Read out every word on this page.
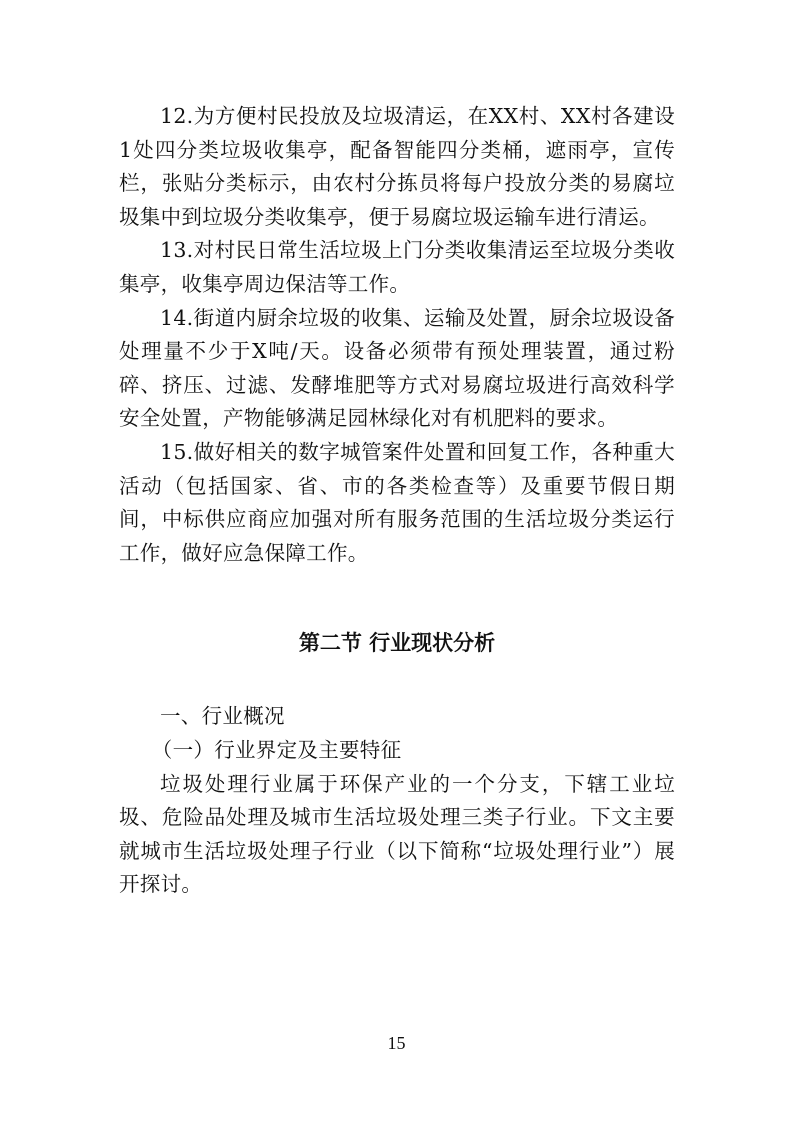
12.为方便村民投放及垃圾清运，在XX村、XX村各建设1处四分类垃圾收集亭，配备智能四分类桶，遮雨亭，宣传栏，张贴分类标示，由农村分拣员将每户投放分类的易腐垃圾集中到垃圾分类收集亭，便于易腐垃圾运输车进行清运。

13.对村民日常生活垃圾上门分类收集清运至垃圾分类收集亭，收集亭周边保洁等工作。

14.街道内厨余垃圾的收集、运输及处置，厨余垃圾设备处理量不少于X吨/天。设备必须带有预处理装置，通过粉碎、挤压、过滤、发酵堆肥等方式对易腐垃圾进行高效科学安全处置，产物能够满足园林绿化对有机肥料的要求。

15.做好相关的数字城管案件处置和回复工作，各种重大活动（包括国家、省、市的各类检查等）及重要节假日期间，中标供应商应加强对所有服务范围的生活垃圾分类运行工作，做好应急保障工作。

第二节 行业现状分析

一、行业概况

（一）行业界定及主要特征

垃圾处理行业属于环保产业的一个分支，下辖工业垃圾、危险品处理及城市生活垃圾处理三类子行业。下文主要就城市生活垃圾处理子行业（以下简称“垃圾处理行业”）展开探讨。

15
